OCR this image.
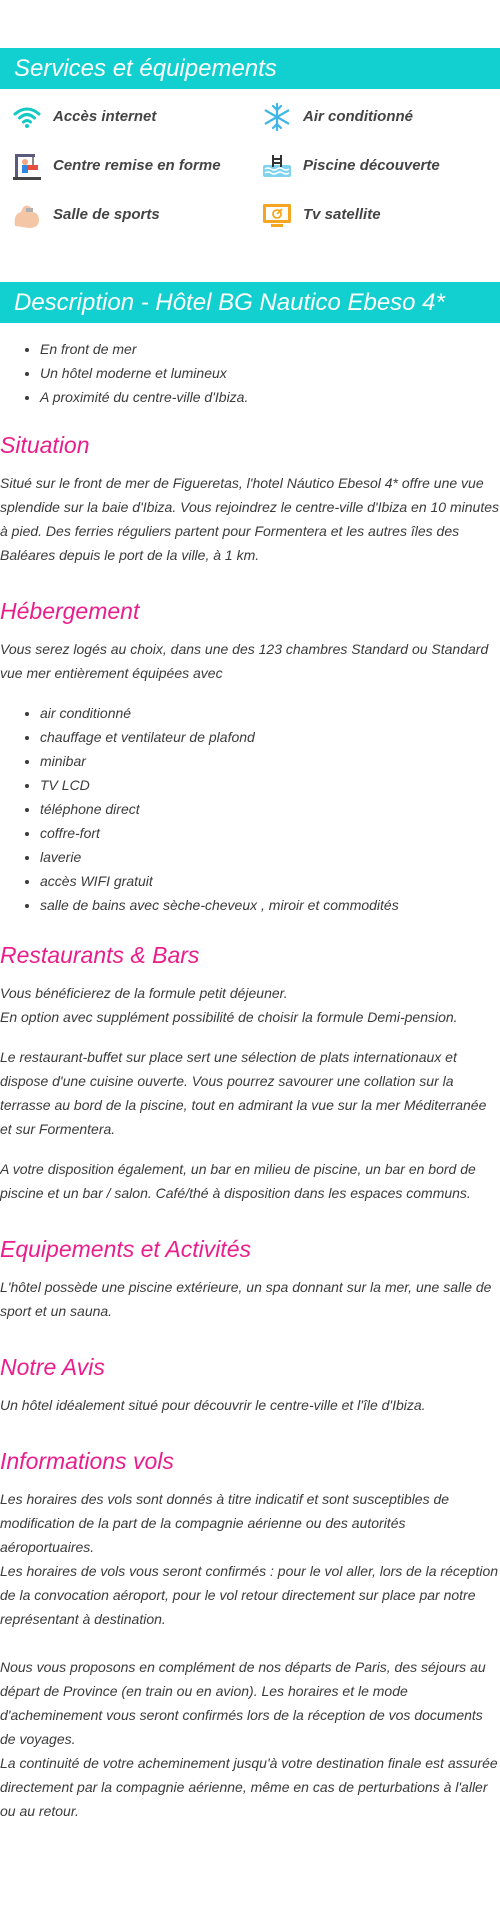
Services et équipements
Accès internet	Air conditionné
Centre remise en forme	Piscine découverte
Salle de sports	Tv satellite
Description - Hôtel BG Nautico Ebeso 4*
• En front de mer
• Un hôtel moderne et lumineux
• A proximité du centre-ville d'Ibiza.
Situation

Situé sur le front de mer de Figueretas, l'hotel Náutico Ebesol 4* offre une vue splendide sur la baie d'Ibiza. Vous rejoindrez le centre-ville d'Ibiza en 10 minutes à pied. Des ferries réguliers partent pour Formentera et les autres îles des Baléares depuis le port de la ville, à 1 km.

Hébergement

Vous serez logés au choix, dans une des 123 chambres Standard ou Standard vue mer entièrement équipées avec

• air conditionné
• chauffage et ventilateur de plafond
• minibar
• TV LCD
• téléphone direct
• coffre-fort
• laverie
• accès WIFI gratuit
• salle de bains avec sèche-cheveux , miroir et commodités
Restaurants & Bars

Vous bénéficierez de la formule petit déjeuner.

En option avec supplément possibilité de choisir la formule Demi-pension.

Le restaurant-buffet sur place sert une sélection de plats internationaux et dispose d'une cuisine ouverte. Vous pourrez savourer une collation sur la terrasse au bord de la piscine, tout en admirant la vue sur la mer Méditerranée et sur Formentera.

A votre disposition également, un bar en milieu de piscine, un bar en bord de piscine et un bar / salon. Café/thé à disposition dans les espaces communs.

Equipements et Activités

L'hôtel possède une piscine extérieure, un spa donnant sur la mer, une salle de sport et un sauna.

Notre Avis

Un hôtel idéalement situé pour découvrir le centre-ville et l'île d'Ibiza.

Informations vols

Les horaires des vols sont donnés à titre indicatif et sont susceptibles de modification de la part de la compagnie aérienne ou des autorités aéroportuaires.

Les horaires de vols vous seront confirmés : pour le vol aller, lors de la réception de la convocation aéroport, pour le vol retour directement sur place par notre représentant à destination.

Nous vous proposons en complément de nos départs de Paris, des séjours au départ de Province (en train ou en avion). Les horaires et le mode d'acheminement vous seront confirmés lors de la réception de vos documents de voyages.

La continuité de votre acheminement jusqu'à votre destination finale est assurée directement par la compagnie aérienne, même en cas de perturbations à l'aller ou au retour.
